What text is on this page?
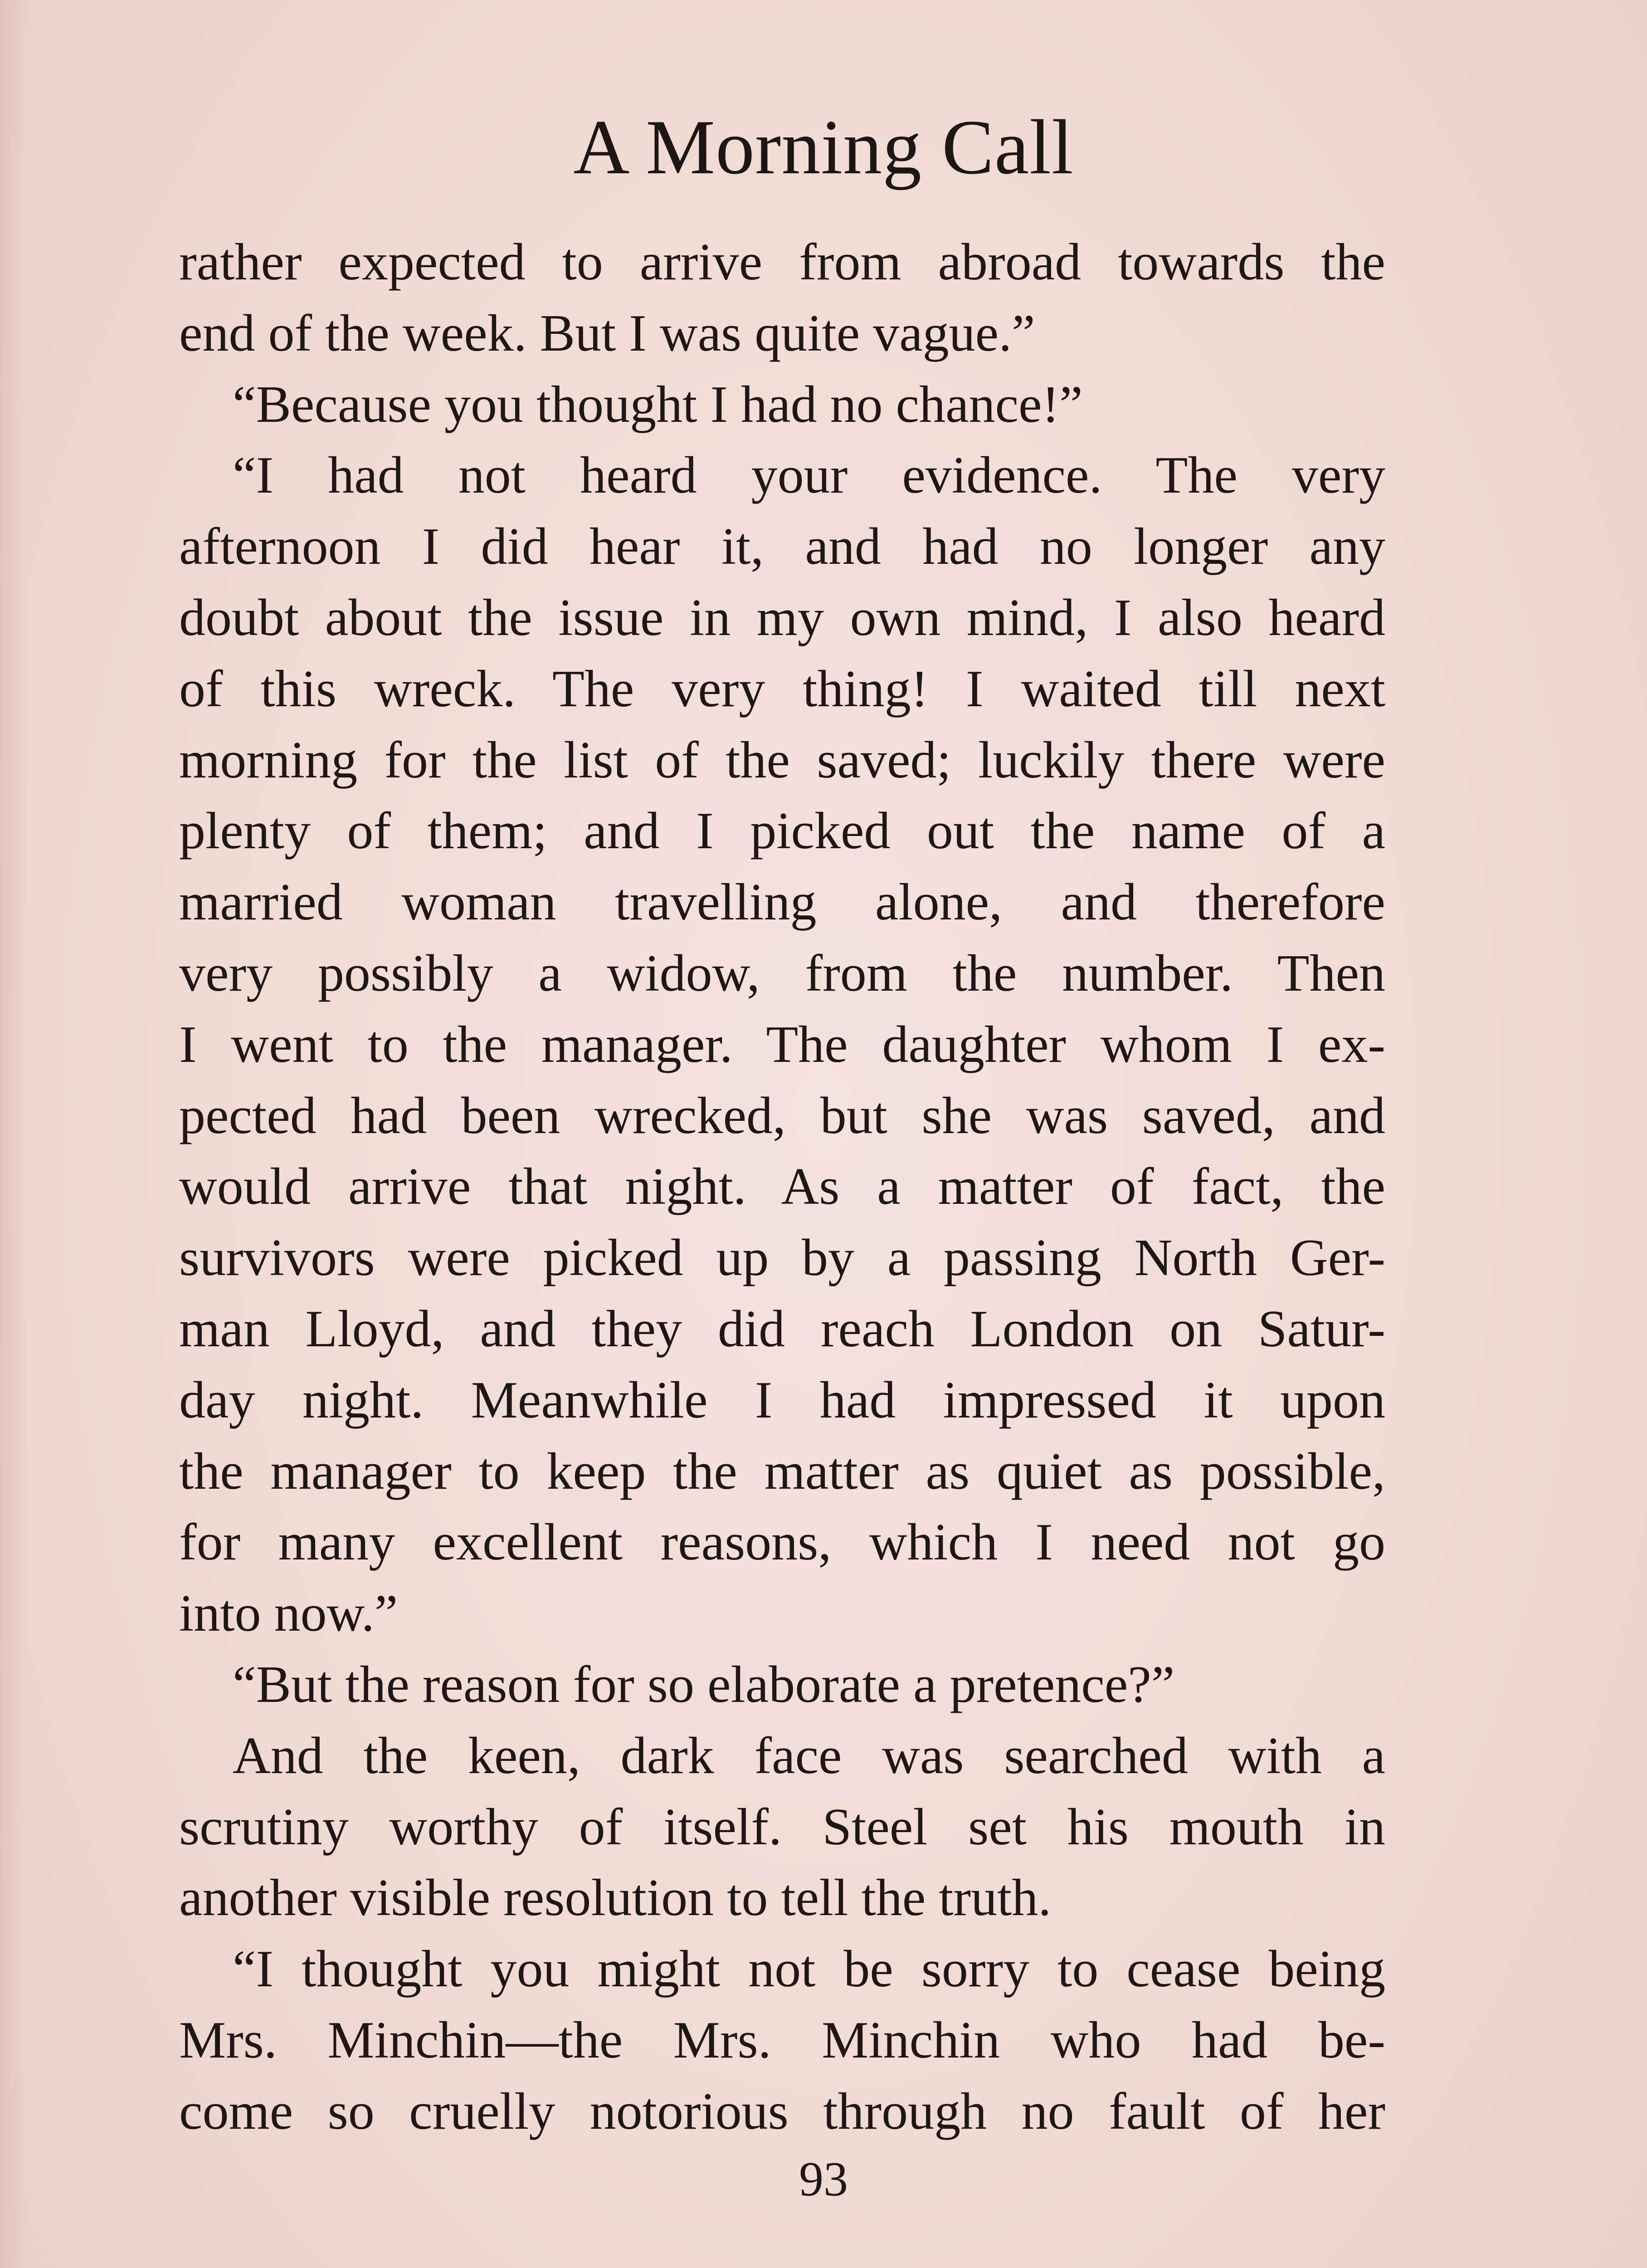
A Morning Call
rather expected to arrive from abroad towards the
end of the week. But I was quite vague.”
“Because you thought I had no chance!”
“I had not heard your evidence. The very
afternoon I did hear it, and had no longer any
doubt about the issue in my own mind, I also heard
of this wreck. The very thing! I waited till next
morning for the list of the saved; luckily there were
plenty of them; and I picked out the name of a
married woman travelling alone, and therefore
very possibly a widow, from the number. Then
I went to the manager. The daughter whom I ex-
pected had been wrecked, but she was saved, and
would arrive that night. As a matter of fact, the
survivors were picked up by a passing North Ger-
man Lloyd, and they did reach London on Satur-
day night. Meanwhile I had impressed it upon
the manager to keep the matter as quiet as possible,
for many excellent reasons, which I need not go
into now.”
“But the reason for so elaborate a pretence?”
And the keen, dark face was searched with a
scrutiny worthy of itself. Steel set his mouth in
another visible resolution to tell the truth.
“I thought you might not be sorry to cease being
Mrs. Minchin—the Mrs. Minchin who had be-
come so cruelly notorious through no fault of her
93
